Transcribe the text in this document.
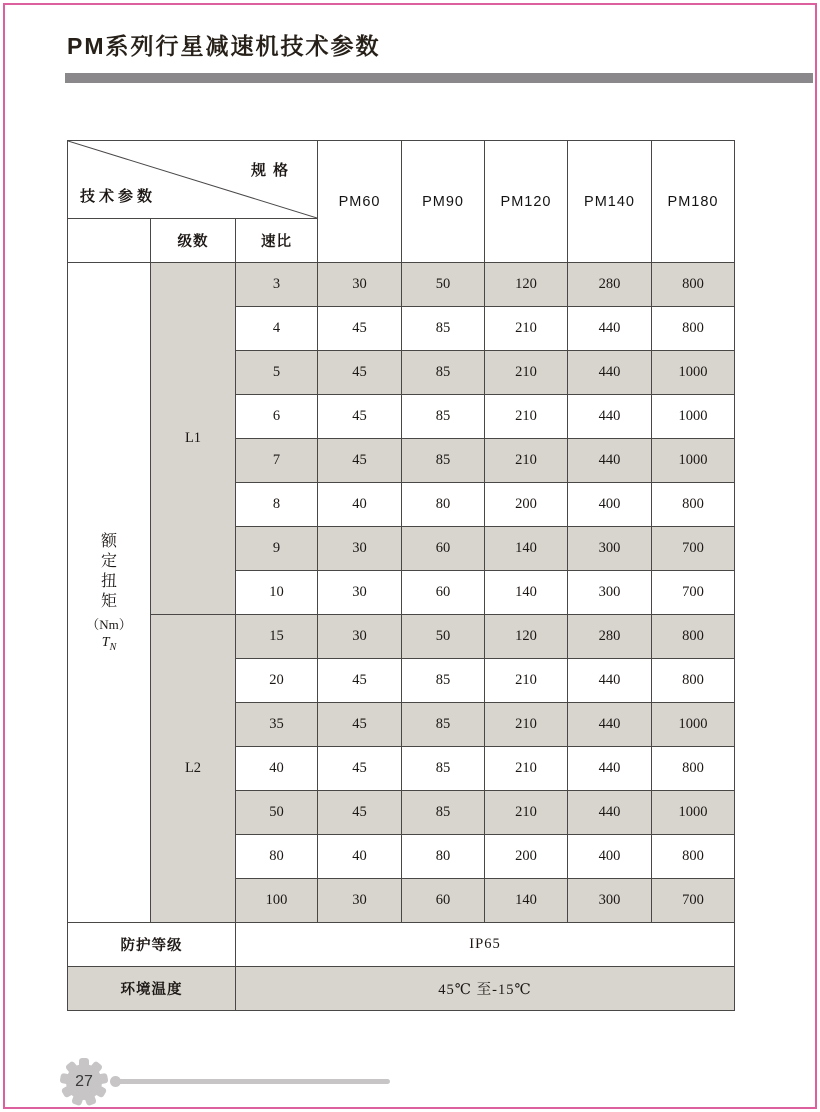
PM系列行星减速机技术参数
规格
技术参数			PM60	PM90	PM120	PM140	PM180
	级数	速比					

额
定
扭
矩
（Nm）
$T_N$
	L1	3	30	50	120	280	800
		4	45	85	210	440	800
		5	45	85	210	440	1000
		6	45	85	210	440	1000
		7	45	85	210	440	1000
		8	40	80	200	400	800
		9	30	60	140	300	700
		10	30	60	140	300	700
	L2	15	30	50	120	280	800
		20	45	85	210	440	800
		35	45	85	210	440	1000
		40	45	85	210	440	800
		50	45	85	210	440	1000
		80	40	80	200	400	800
		100	30	60	140	300	700
防护等级		IP65					
环境温度		45℃ 至-15℃					
27
